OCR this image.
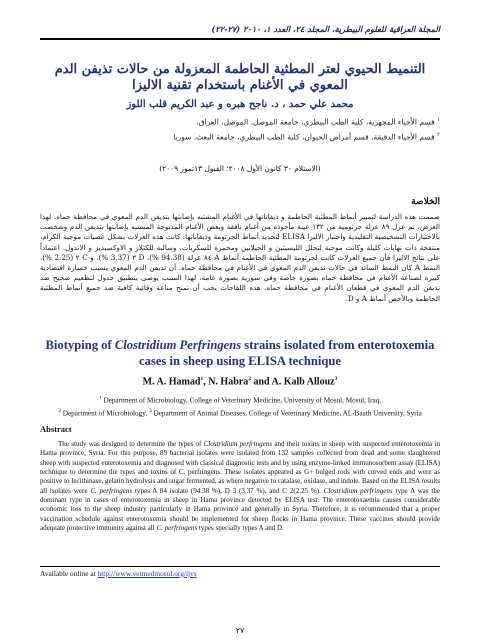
المجلة العراقية للعلوم البيطرية، المجلد ٢٤، العدد ١، ٢٠١٠ (٢٧-٢٢)
التنميط الحيوي لعتر المطثية الحاطمة المعزولة من حالات تذيفن الدم المعوي في الأغنام باستخدام تقنية الاليزا
محمد علي حمد ، د. ناجح هبره و عبد الكريم قلب اللوز
$^١$ قسم الأحياء المجهرية، كلية الطب البيطري، جامعة الموصل، الموصل، العراق،
$^٢$ قسم الأحياء الدقيقة، قسم أمراض الحيوان، كلية الطب البيطري، جامعة البعث، سوريا
(الاستلام ٣٠ كانون الأول ٢٠٠٨؛ القبول ١٣تموز ٢٠٠٩)
الخلاصة
صممت هذه الدراسة لتمييز أنماط المطثية الحاطمة و ذيفاناتها في الأغنام المشتبه بإصابتها بتذيفن الدم المعوي في محافظة حماه. لهذا الغرض، تم عزل ٨٩ عزلة جرثومية من ١٣٢ عينة مأخوذة من أغنام نافقة وبعض الأغنام المذبوحة المشتبه بإصابتها بتذيفن الدم وشخصت بالاختبارات التشخيصية التقليدية واختبار الاليزا ELISA لتحديد أنماط الجرثومة وذيفاناتها. كانت هذه العزلات بشكل عصيات موجبة الكرام، منتفخة ذات نهايات كليلة وكانت موجبة لتحلل الليسيثين و الجيلاتين ومخمرة للسكريات، وسالبة للكتلاز و الاوكسيديز و الاندول. اعتماداً على نتائج الاليزا فأن جميع العزلات كانت لجرثومة المطثية الحاطمة أنماط A ٨٤ عزلة (94.38 %)، D ٣ (3.37 %)، و C ٢ (2.25 %). النمط A كان النمط السائد في حالات تذيفن الدم المعوي في الأغنام في محافظة حماه. أن تذيفن الدم المعوي يسبب خسارة اقتصادية كبيرة لصناعة الأغنام في محافظة حماه بصورة خاصة وفي سورية بصورة عامة، لهذا السبب يوصى بتطبيق جدول لتطعيم صحيح ضد تذيفن الدم المعوي في قطعان الأغنام في محافظة حماه. هذه اللقاحات يجب أن تمنح مناعة وقائية كافية ضد جميع أنماط المطثية الحاطمة وبالأخص أنماط A و D.
Biotyping of Clostridium Perfringens strains isolated from enterotoxemia cases in sheep using ELISA technique
M. A. Hamad$^1$, N. Habra$^2$ and A. Kalb Allouz$^3$
$^1$ Department of Microbiology, College of Veterinary Medicine, University of Mosul, Mosul, Iraq,
$^2$ Department of Microbiology, $^3$ Department of Animal Diseases, College of Veterinary Medicine, AL-Baath University, Syria
Abstract
The study was designed to determine the types of Clostridium perfringens and their toxins in sheep with suspected enterotoxemia in Hama province, Syria. For this purpose, 89 bacterial isolates were isolated from 132 samples collected from dead and some slaughtered sheep with suspected enterotoxemia and diagnosed with classical diagnostic tests and by using enzyme-linked immunosorbent assay (ELISA) technique to determine the types and toxins of C. perfringens. These isolates appeared as G+ bulged rods with curved ends and were as positive to lecithinase, gelatin hydrolysis and sugar fermented, as where negative to catalase, oxidase, and indole. Based on the ELISA results all isolates were C. perfringens types A 84 isolate (94.38 %), D 3 (3.37 %), and C 2(2.25 %). Clostridium perfringens type A was the dominant type in cases of enterotoxemia in sheep in Hama province detected by ELISA test. The enterotoxaemia causes considerable economic loss to the sheep industry particularly in Hama province and generally in Syria. Therefore, it is recommended that a proper vaccination schedule against enterotoxemia should be implemented for sheep flocks in Hama province. These vaccines should provide adequate protective immunity against all C. perfringens types specially types A and D.
Available online at http://www.vetmedmosul.org/ijvs
٢٧
